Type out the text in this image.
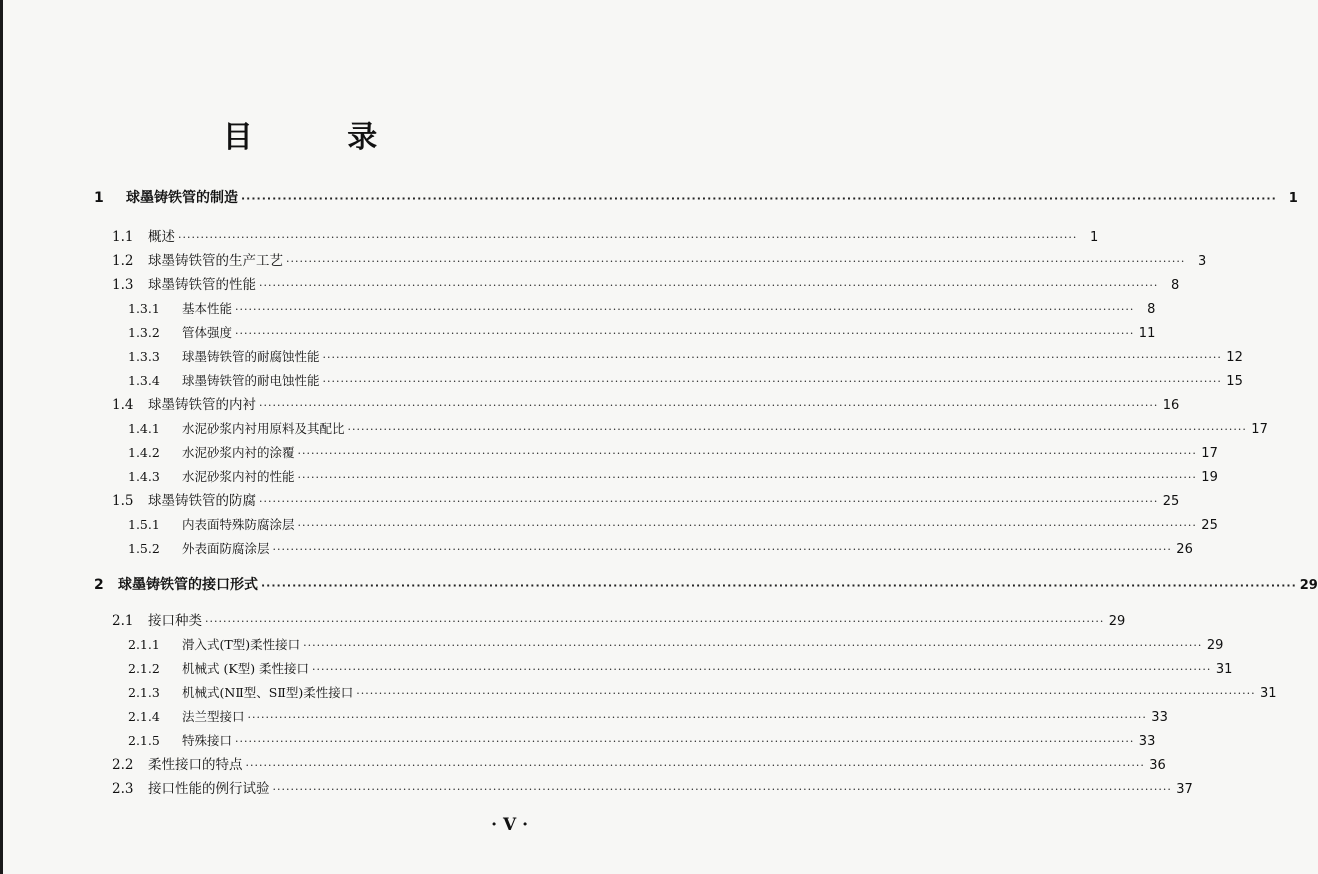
目 录
1	球墨铸铁管的制造 ········································································································································································································ 1
1.1	概述 ········································································································································································································ 1
1.2	球墨铸铁管的生产工艺 ········································································································································································································ 3
1.3	球墨铸铁管的性能 ········································································································································································································ 8
1.3.1	基本性能 ········································································································································································································ 8
1.3.2	管体强度 ········································································································································································································ 11
1.3.3	球墨铸铁管的耐腐蚀性能 ········································································································································································································ 12
1.3.4	球墨铸铁管的耐电蚀性能 ········································································································································································································ 15
1.4	球墨铸铁管的内衬 ········································································································································································································ 16
1.4.1	水泥砂浆内衬用原料及其配比 ········································································································································································································ 17
1.4.2	水泥砂浆内衬的涂覆 ········································································································································································································ 17
1.4.3	水泥砂浆内衬的性能 ········································································································································································································ 19
1.5	球墨铸铁管的防腐 ········································································································································································································ 25
1.5.1	内表面特殊防腐涂层 ········································································································································································································ 25
1.5.2	外表面防腐涂层 ········································································································································································································ 26
2	球墨铸铁管的接口形式 ········································································································································································································ 29
2.1	接口种类 ········································································································································································································ 29
2.1.1	滑入式(T型)柔性接口 ········································································································································································································ 29
2.1.2	机械式 (K型) 柔性接口 ········································································································································································································ 31
2.1.3	机械式(NⅡ型、SⅡ型)柔性接口 ········································································································································································································ 31
2.1.4	法兰型接口 ········································································································································································································ 33
2.1.5	特殊接口 ········································································································································································································ 33
2.2	柔性接口的特点 ········································································································································································································ 36
2.3	接口性能的例行试验 ········································································································································································································ 37
· V ·
